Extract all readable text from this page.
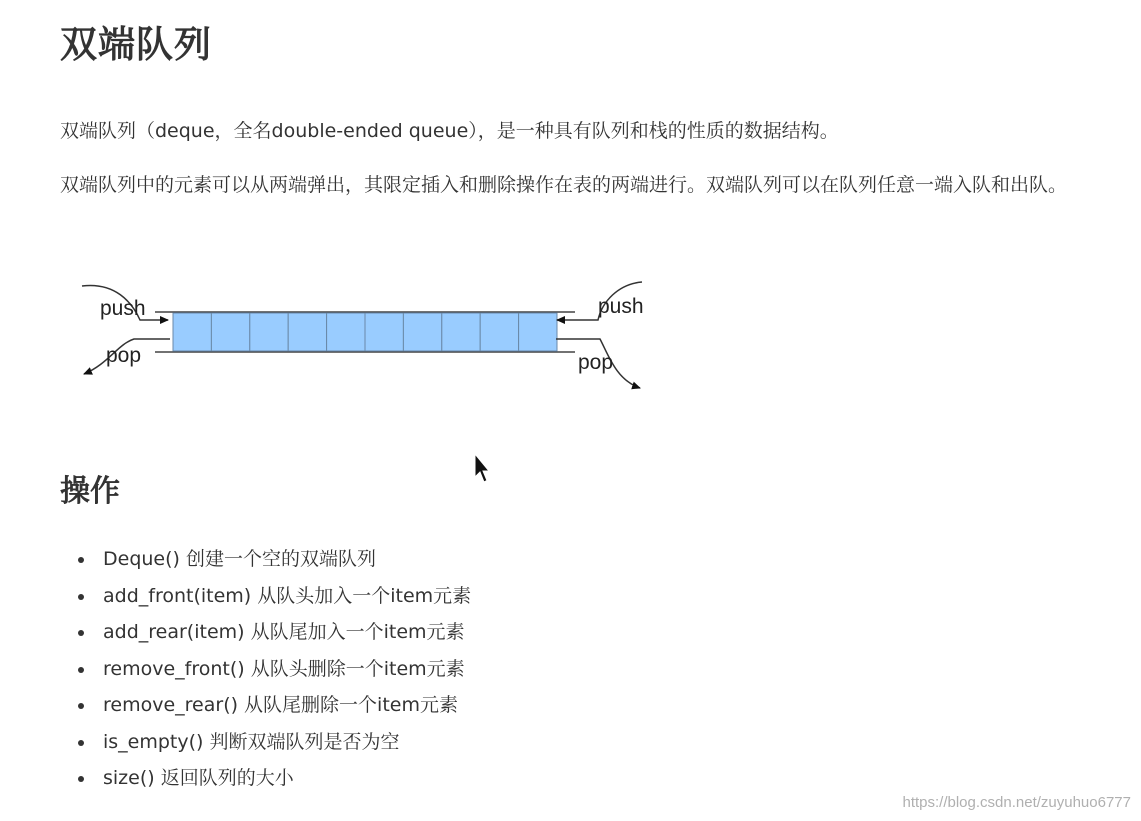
双端队列

双端队列（deque，全名double-ended queue），是一种具有队列和栈的性质的数据结构。

双端队列中的元素可以从两端弹出，其限定插入和删除操作在表的两端进行。双端队列可以在队列任意一端入队和出队。

push
pop
push
pop
操作
Deque() 创建一个空的双端队列
add_front(item) 从队头加入一个item元素
add_rear(item) 从队尾加入一个item元素
remove_front() 从队头删除一个item元素
remove_rear() 从队尾删除一个item元素
is_empty() 判断双端队列是否为空
size() 返回队列的大小
https://blog.csdn.net/zuyuhuo6777
